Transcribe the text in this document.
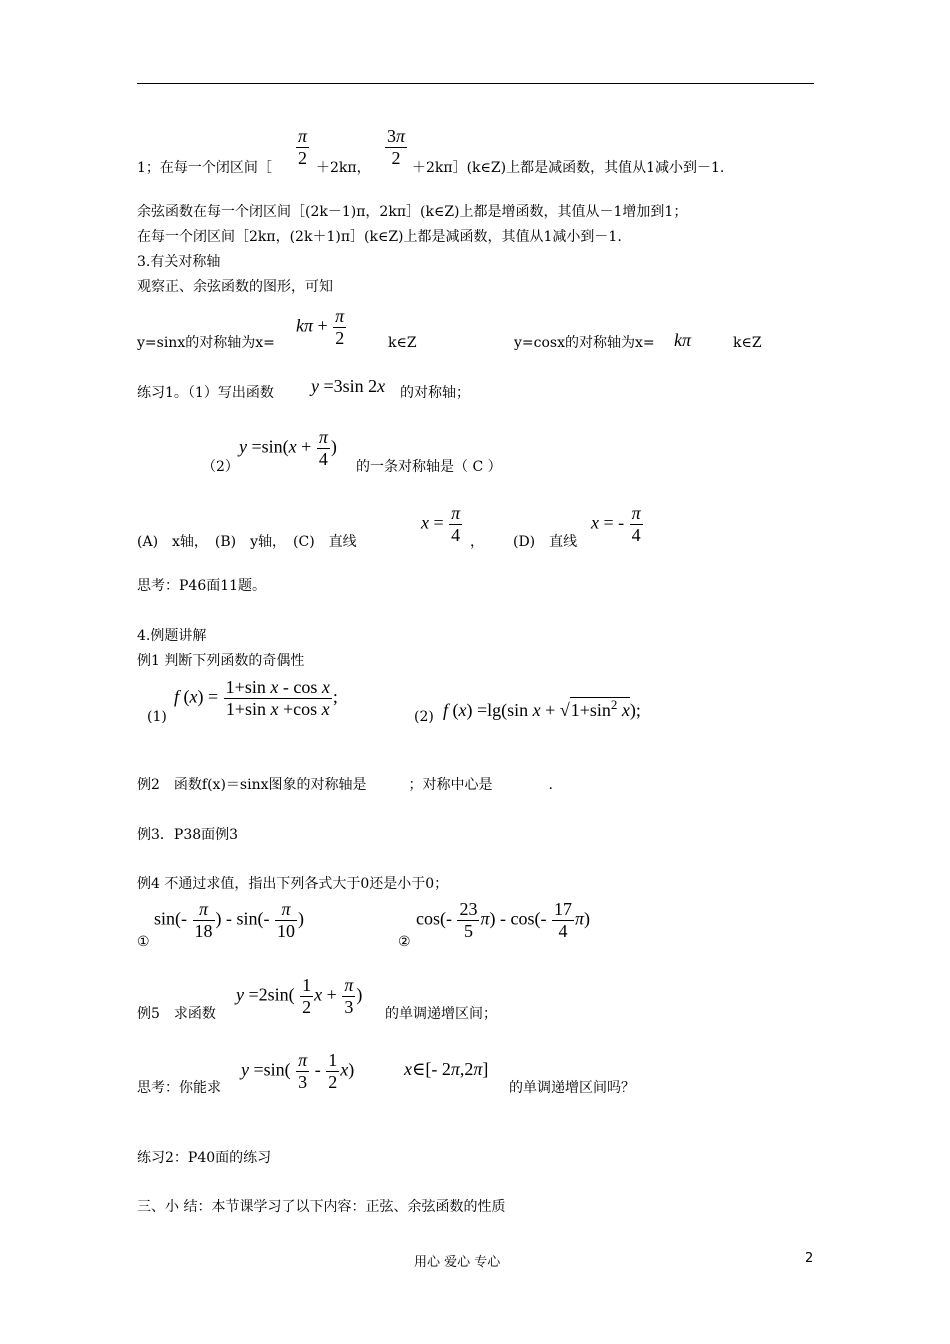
1；在每一个闭区间［
$\frac{\pi}{2}$
＋2kπ，
$\frac{3\pi}{2}$
＋2kπ］(k∈Z)上都是减函数，其值从1减小到－1.
余弦函数在每一个闭区间［(2k－1)π，2kπ］(k∈Z)上都是增函数，其值从－1增加到1；
在每一个闭区间［2kπ，(2k＋1)π］(k∈Z)上都是减函数，其值从1减小到－1.
3.有关对称轴
观察正、余弦函数的图形，可知
y=sinx的对称轴为x=
$k\pi + \frac{\pi}{2}$	k∈Z	y=cosx的对称轴为x= kπ	k∈Z
练习1。（1）写出函数 y =3sin 2x 的对称轴；
（2）
$y =\sin(x + \frac{\pi}{4}$ )
的一条对称轴是（ C ）
(A)　x轴，　(B)　y轴，　(C)　直线
$x = \frac{\pi}{4}$ ， (D)　直线
x = - $\frac{\pi}{4}$
思考：P46面11题。
4.例题讲解
例1 判断下列函数的奇偶性
(1)
f $(x) = \frac{\text{1+sin x - cos x}}{\text{1+sin x +cos x}}$ ;
(2) f (x) =lg(sin $x + √1+\sin^2$ x);
例2　函数f(x)＝sinx图象的对称轴是　　　；对称中心是　　　　.
例3．P38面例3
例4 不通过求值，指出下列各式大于0还是小于0；
①
$\sin(- \frac{\pi}{18}$ ) - $\sin(- \frac{\pi}{10}$ )
②
$\cos(- \frac{23}{5} \pi) - \cos(- \frac{17}{4} \pi)$
例5　求函数
$y =2\sin( \frac{1}{2}$ $x + \frac{\pi}{3}$ )
的单调递增区间；
思考：你能求
$y =\sin( \frac{\pi}{3} - \frac{1}{2} x)$	x∈[- 2π,2π]
的单调递增区间吗？
练习2：P40面的练习
三、小 结：本节课学习了以下内容：正弦、余弦函数的性质
用心 爱心 专心	2
